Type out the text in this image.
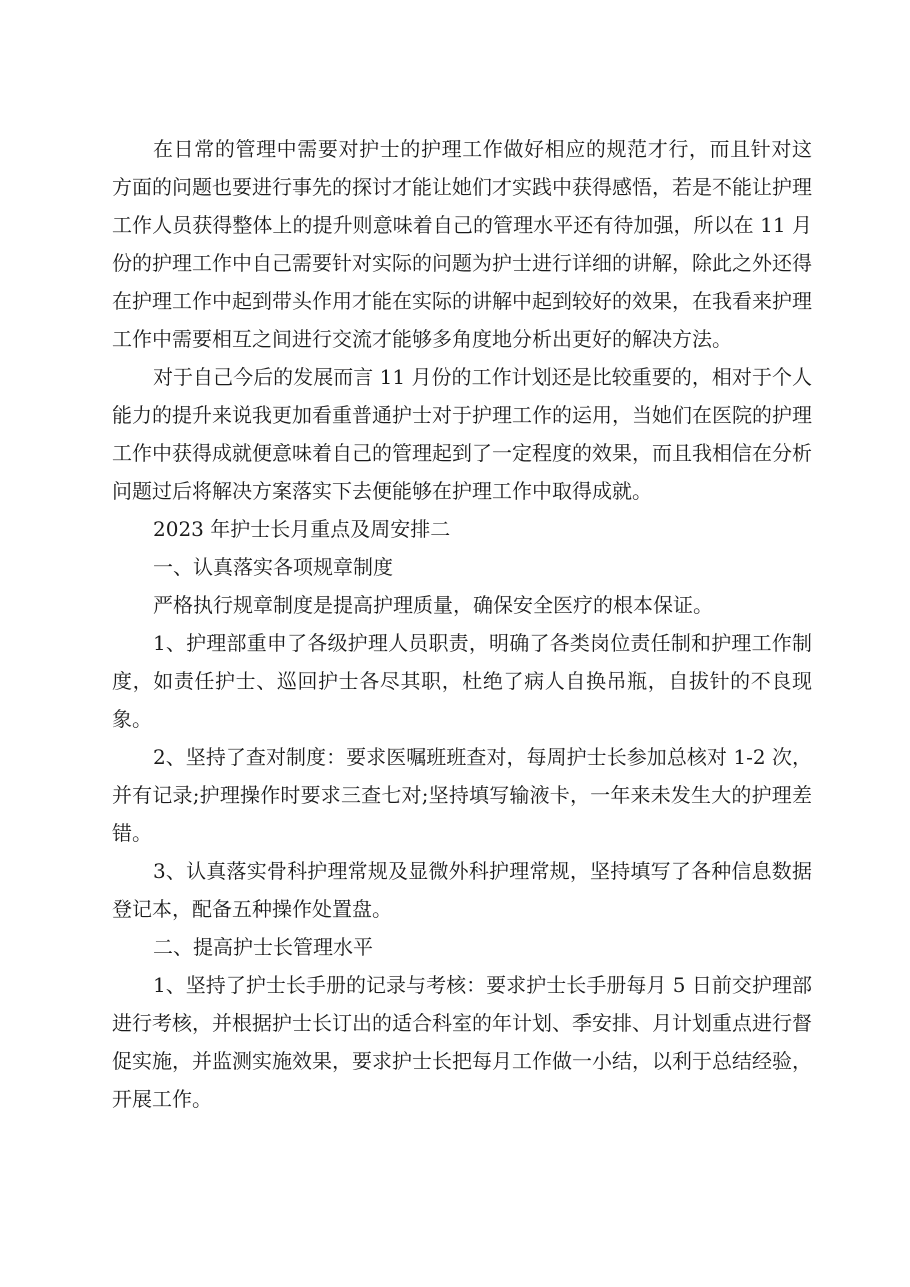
在日常的管理中需要对护士的护理工作做好相应的规范才行，而且针对这方面的问题也要进行事先的探讨才能让她们才实践中获得感悟，若是不能让护理工作人员获得整体上的提升则意味着自己的管理水平还有待加强，所以在 11 月份的护理工作中自己需要针对实际的问题为护士进行详细的讲解，除此之外还得在护理工作中起到带头作用才能在实际的讲解中起到较好的效果，在我看来护理工作中需要相互之间进行交流才能够多角度地分析出更好的解决方法。

对于自己今后的发展而言 11 月份的工作计划还是比较重要的，相对于个人能力的提升来说我更加看重普通护士对于护理工作的运用，当她们在医院的护理工作中获得成就便意味着自己的管理起到了一定程度的效果，而且我相信在分析问题过后将解决方案落实下去便能够在护理工作中取得成就。

2023 年护士长月重点及周安排二

一、认真落实各项规章制度

严格执行规章制度是提高护理质量，确保安全医疗的根本保证。

1、护理部重申了各级护理人员职责，明确了各类岗位责任制和护理工作制度，如责任护士、巡回护士各尽其职，杜绝了病人自换吊瓶，自拔针的不良现象。

2、坚持了查对制度：要求医嘱班班查对，每周护士长参加总核对 1-2 次，并有记录;护理操作时要求三查七对;坚持填写输液卡，一年来未发生大的护理差错。

3、认真落实骨科护理常规及显微外科护理常规，坚持填写了各种信息数据登记本，配备五种操作处置盘。

二、提高护士长管理水平

1、坚持了护士长手册的记录与考核：要求护士长手册每月 5 日前交护理部进行考核，并根据护士长订出的适合科室的年计划、季安排、月计划重点进行督促实施，并监测实施效果，要求护士长把每月工作做一小结，以利于总结经验，开展工作。
